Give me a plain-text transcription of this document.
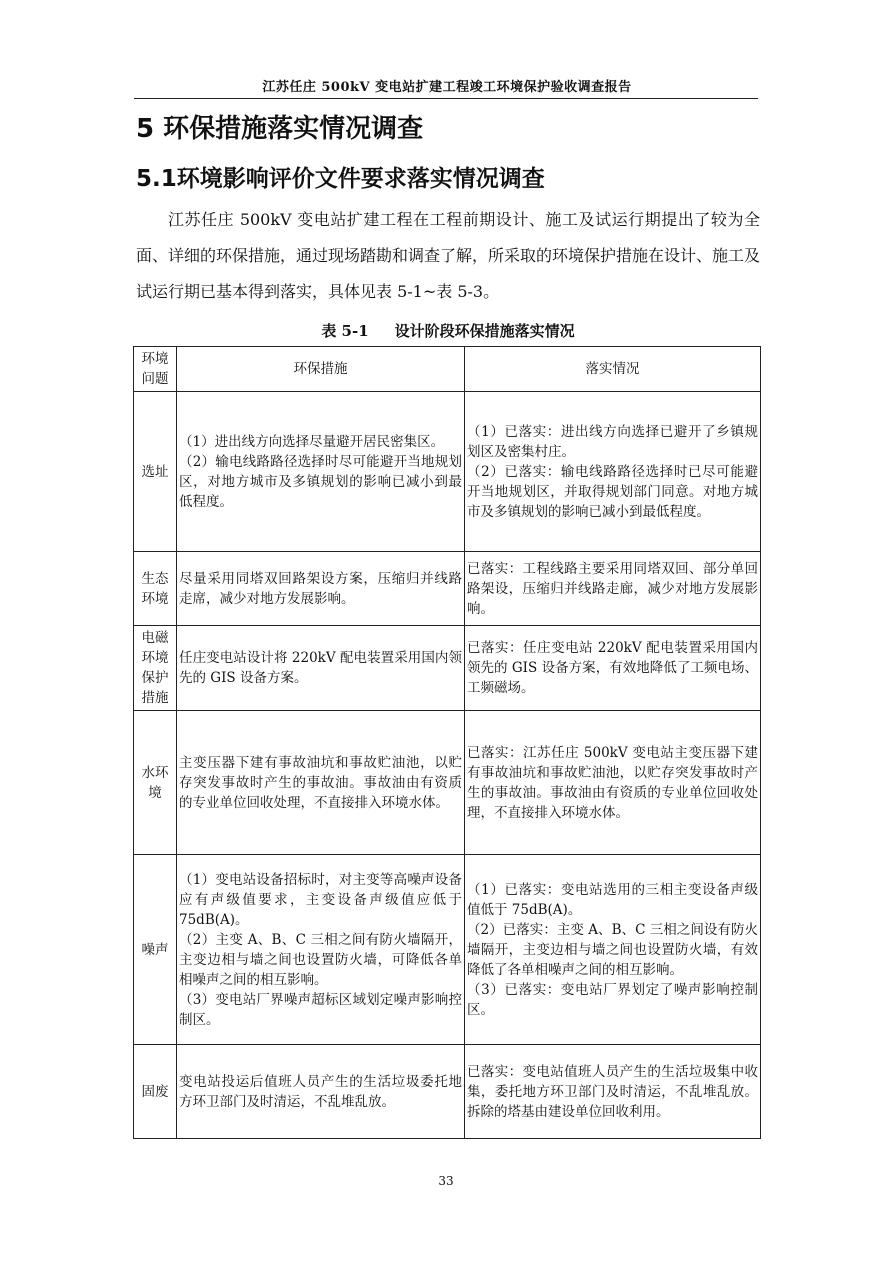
江苏任庄 500kV 变电站扩建工程竣工环境保护验收调查报告
5 环保措施落实情况调查
5.1环境影响评价文件要求落实情况调查

江苏任庄 500kV 变电站扩建工程在工程前期设计、施工及试运行期提出了较为全面、详细的环保措施，通过现场踏勘和调查了解，所采取的环境保护措施在设计、施工及试运行期已基本得到落实，具体见表 5-1~表 5-3。

表 5-1 设计阶段环保措施落实情况
环境
问题	环保措施	落实情况

选址	（1）进出线方向选择尽量避开居民密集区。
（2）输电线路路径选择时尽可能避开当地规划区，对地方城市及多镇规划的影响已减小到最低程度。	（1）已落实：进出线方向选择已避开了乡镇规划区及密集村庄。
（2）已落实：输电线路路径选择时已尽可能避开当地规划区，并取得规划部门同意。对地方城市及多镇规划的影响已减小到最低程度。

生态
环境	尽量采用同塔双回路架设方案，压缩归并线路走席，减少对地方发展影响。	已落实：工程线路主要采用同塔双回、部分单回路架设，压缩归并线路走廊，减少对地方发展影响。

电磁
环境
保护
措施	任庄变电站设计将 220kV 配电装置采用国内领先的 GIS 设备方案。	已落实：任庄变电站 220kV 配电装置采用国内领先的 GIS 设备方案，有效地降低了工频电场、工频磁场。

水环
境	主变压器下建有事故油坑和事故贮油池，以贮存突发事故时产生的事故油。事故油由有资质的专业单位回收处理，不直接排入环境水体。	已落实：江苏任庄 500kV 变电站主变压器下建有事故油坑和事故贮油池，以贮存突发事故时产生的事故油。事故油由有资质的专业单位回收处理，不直接排入环境水体。

噪声	（1）变电站设备招标时，对主变等高噪声设备应有声级值要求，主变设备声级值应低于 75dB(A)。
（2）主变 A、B、C 三相之间有防火墙隔开，主变边相与墙之间也设置防火墙，可降低各单相噪声之间的相互影响。
（3）变电站厂界噪声超标区域划定噪声影响控制区。	（1）已落实：变电站选用的三相主变设备声级值低于 75dB(A)。
（2）已落实：主变 A、B、C 三相之间设有防火墙隔开，主变边相与墙之间也设置防火墙，有效降低了各单相噪声之间的相互影响。
（3）已落实：变电站厂界划定了噪声影响控制区。

固废	变电站投运后值班人员产生的生活垃圾委托地方环卫部门及时清运，不乱堆乱放。	已落实：变电站值班人员产生的生活垃圾集中收集，委托地方环卫部门及时清运，不乱堆乱放。拆除的塔基由建设单位回收利用。
33
